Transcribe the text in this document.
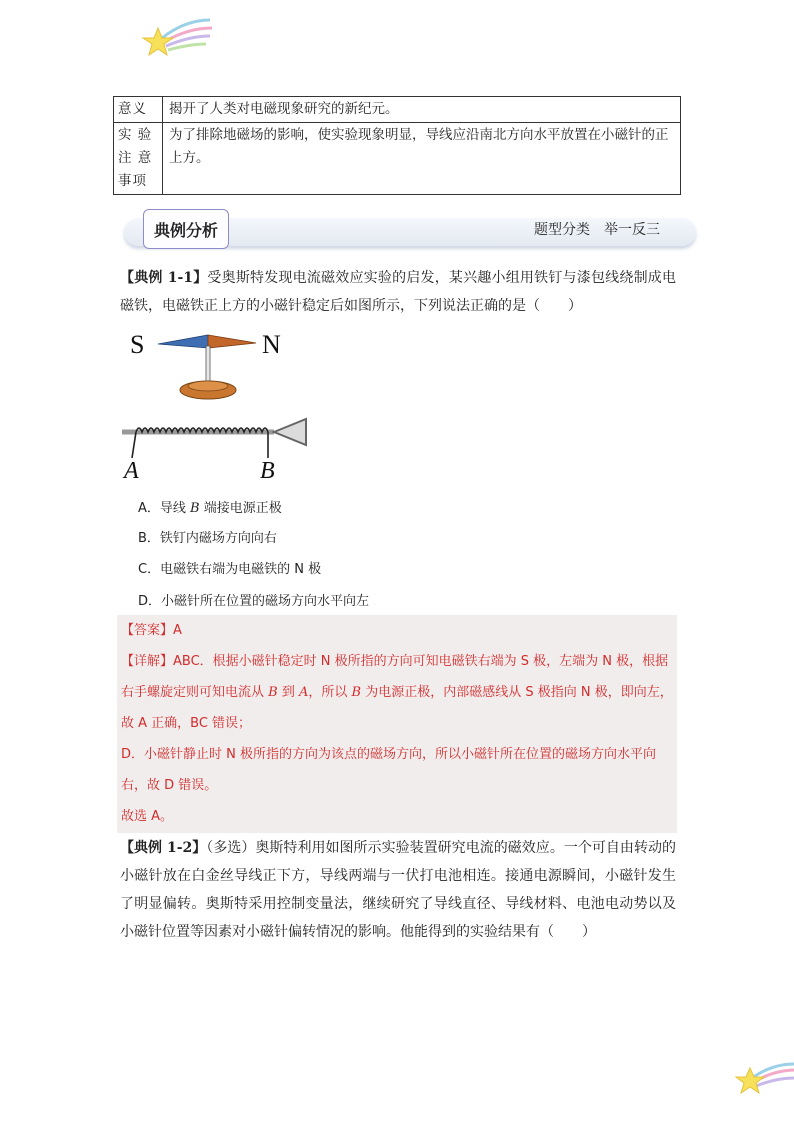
意义	揭开了人类对电磁现象研究的新纪元。

实 验
注 意
事项	为了排除地磁场的影响，使实验现象明显，导线应沿南北方向水平放置在小磁针的正上方。
典例分析	题型分类　举一反三
【典例 1-1】受奥斯特发现电流磁效应实验的启发，某兴趣小组用铁钉与漆包线绕制成电磁铁，电磁铁正上方的小磁针稳定后如图所示，下列说法正确的是（　　）
S	N
A	B
A．导线 B 端接电源正极
B．铁钉内磁场方向向右
C．电磁铁右端为电磁铁的 N 极
D．小磁针所在位置的磁场方向水平向左

【答案】A

【详解】ABC．根据小磁针稳定时 N 极所指的方向可知电磁铁右端为 S 极，左端为 N 极，根据右手螺旋定则可知电流从 B 到 A，所以 B 为电源正极，内部磁感线从 S 极指向 N 极，即向左，故 A 正确，BC 错误；

D．小磁针静止时 N 极所指的方向为该点的磁场方向，所以小磁针所在位置的磁场方向水平向右，故 D 错误。

故选 A。

【典例 1-2】（多选）奥斯特利用如图所示实验装置研究电流的磁效应。一个可自由转动的小磁针放在白金丝导线正下方，导线两端与一伏打电池相连。接通电源瞬间，小磁针发生了明显偏转。奥斯特采用控制变量法，继续研究了导线直径、导线材料、电池电动势以及小磁针位置等因素对小磁针偏转情况的影响。他能得到的实验结果有（　　）
